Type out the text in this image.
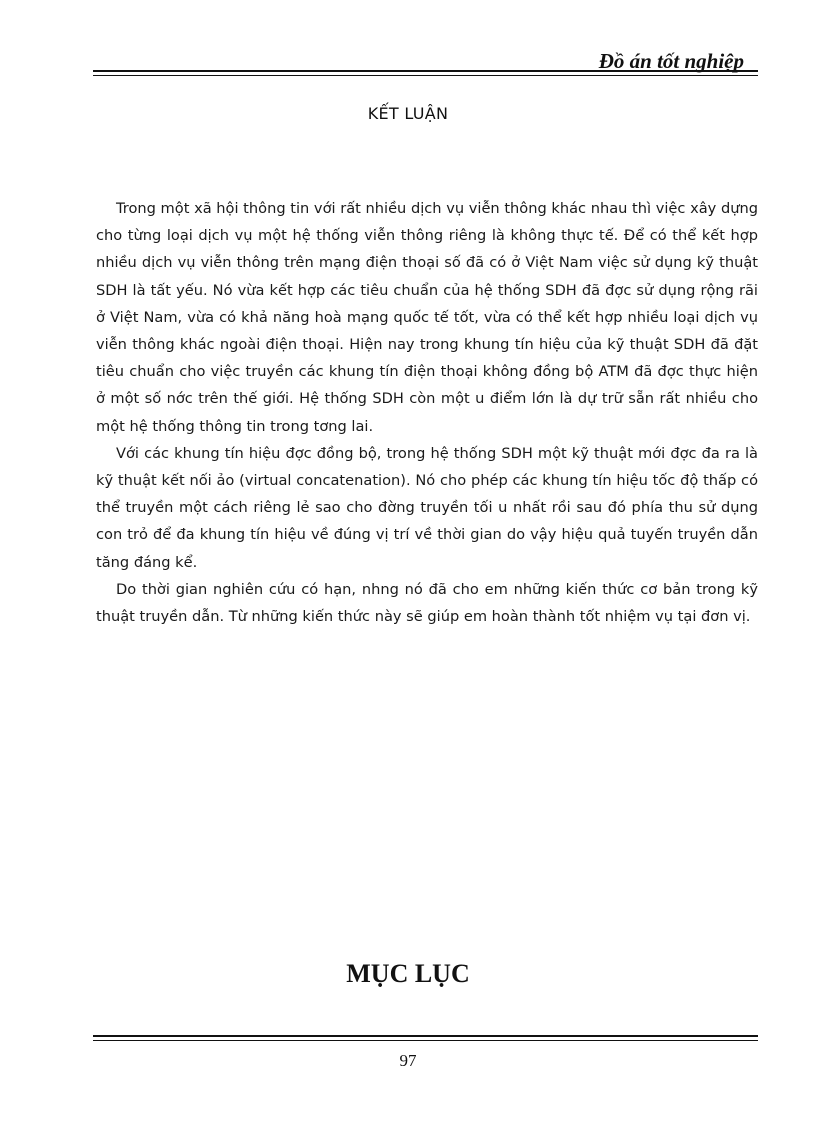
Đồ án tốt nghiệp
KẾT LUẬN

Trong một xã hội thông tin với rất nhiều dịch vụ viễn thông khác nhau thì việc xây dựng cho từng loại dịch vụ một hệ thống viễn thông riêng là không thực tế. Để có thể kết hợp nhiều dịch vụ viễn thông trên mạng điện thoại số đã có ở Việt Nam việc sử dụng kỹ thuật SDH là tất yếu. Nó vừa kết hợp các tiêu chuẩn của hệ thống SDH đã đợc sử dụng rộng rãi ở Việt Nam, vừa có khả năng hoà mạng quốc tế tốt, vừa có thể kết hợp nhiều loại dịch vụ viễn thông khác ngoài điện thoại. Hiện nay trong khung tín hiệu của kỹ thuật SDH đã đặt tiêu chuẩn cho việc truyền các khung tín điện thoại không đồng bộ ATM đã đợc thực hiện ở một số nớc trên thế giới. Hệ thống SDH còn một u điểm lớn là dự trữ sẵn rất nhiều cho một hệ thống thông tin trong tơng lai.

Với các khung tín hiệu đợc đồng bộ, trong hệ thống SDH một kỹ thuật mới đợc đa ra là kỹ thuật kết nối ảo (virtual concatenation). Nó cho phép các khung tín hiệu tốc độ thấp có thể truyền một cách riêng lẻ sao cho đờng truyền tối u nhất rồi sau đó phía thu sử dụng con trỏ để đa khung tín hiệu về đúng vị trí về thời gian do vậy hiệu quả tuyến truyền dẫn tăng đáng kể.

Do thời gian nghiên cứu có hạn, nhng nó đã cho em những kiến thức cơ bản trong kỹ thuật truyền dẫn. Từ những kiến thức này sẽ giúp em hoàn thành tốt nhiệm vụ tại đơn vị.

MỤC LỤC
97
